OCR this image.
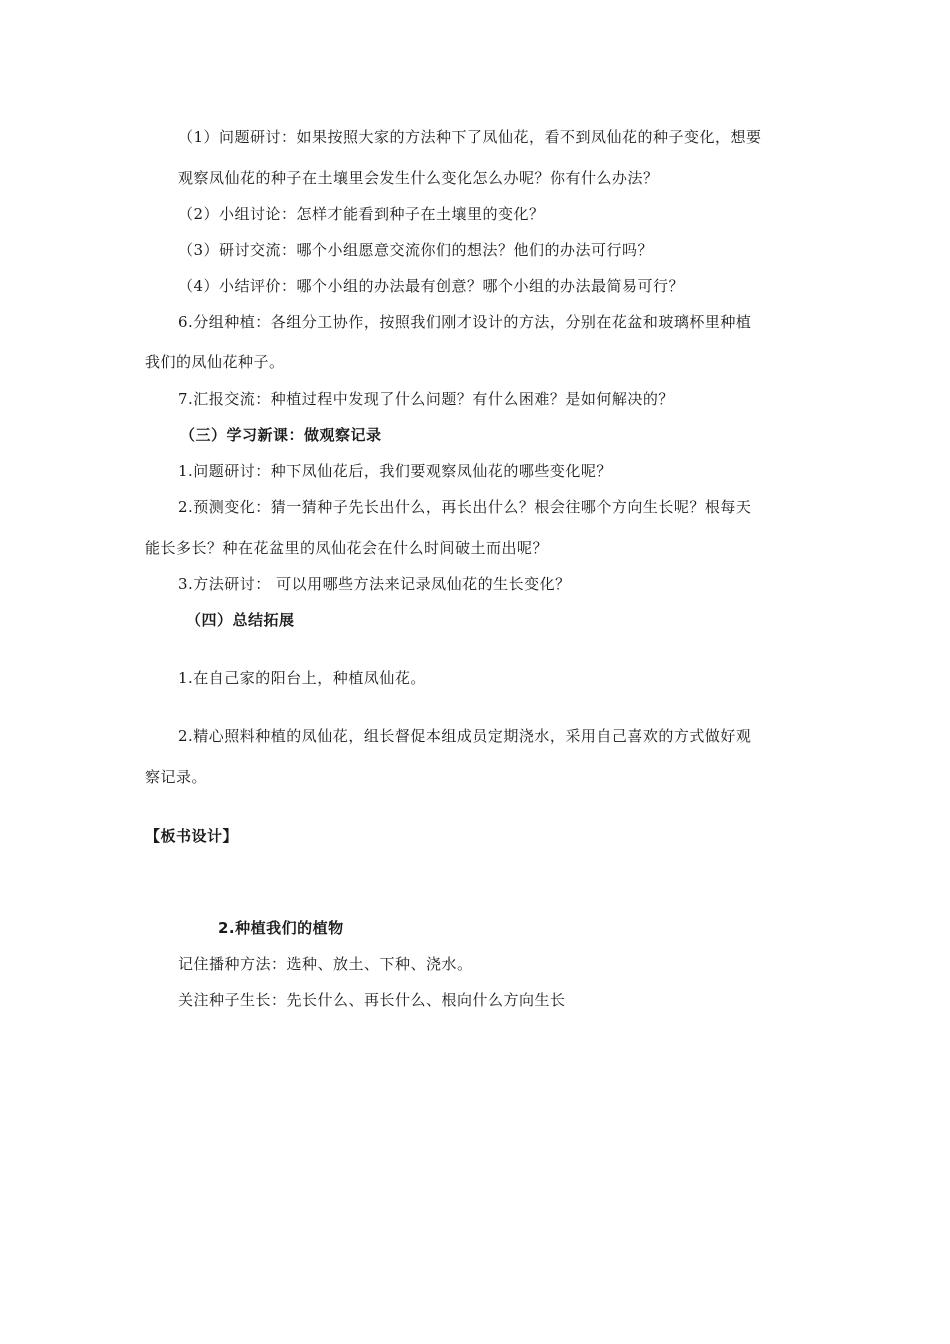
（1）问题研讨：如果按照大家的方法种下了凤仙花，看不到凤仙花的种子变化，想要
观察凤仙花的种子在土壤里会发生什么变化怎么办呢？你有什么办法？
（2）小组讨论：怎样才能看到种子在土壤里的变化？
（3）研讨交流：哪个小组愿意交流你们的想法？他们的办法可行吗？
（4）小结评价：哪个小组的办法最有创意？哪个小组的办法最简易可行？
6.分组种植：各组分工协作，按照我们刚才设计的方法，分别在花盆和玻璃杯里种植
我们的凤仙花种子。
7.汇报交流：种植过程中发现了什么问题？有什么困难？是如何解决的？
（三）学习新课：做观察记录
1.问题研讨：种下凤仙花后，我们要观察凤仙花的哪些变化呢？
2.预测变化：猜一猜种子先长出什么，再长出什么？根会往哪个方向生长呢？根每天
能长多长？种在花盆里的凤仙花会在什么时间破土而出呢？
3.方法研讨： 可以用哪些方法来记录凤仙花的生长变化？
（四）总结拓展
1.在自己家的阳台上，种植凤仙花。
2.精心照料种植的凤仙花，组长督促本组成员定期浇水，采用自己喜欢的方式做好观
察记录。
【板书设计】
2.种植我们的植物
记住播种方法：选种、放土、下种、浇水。
关注种子生长：先长什么、再长什么、根向什么方向生长
